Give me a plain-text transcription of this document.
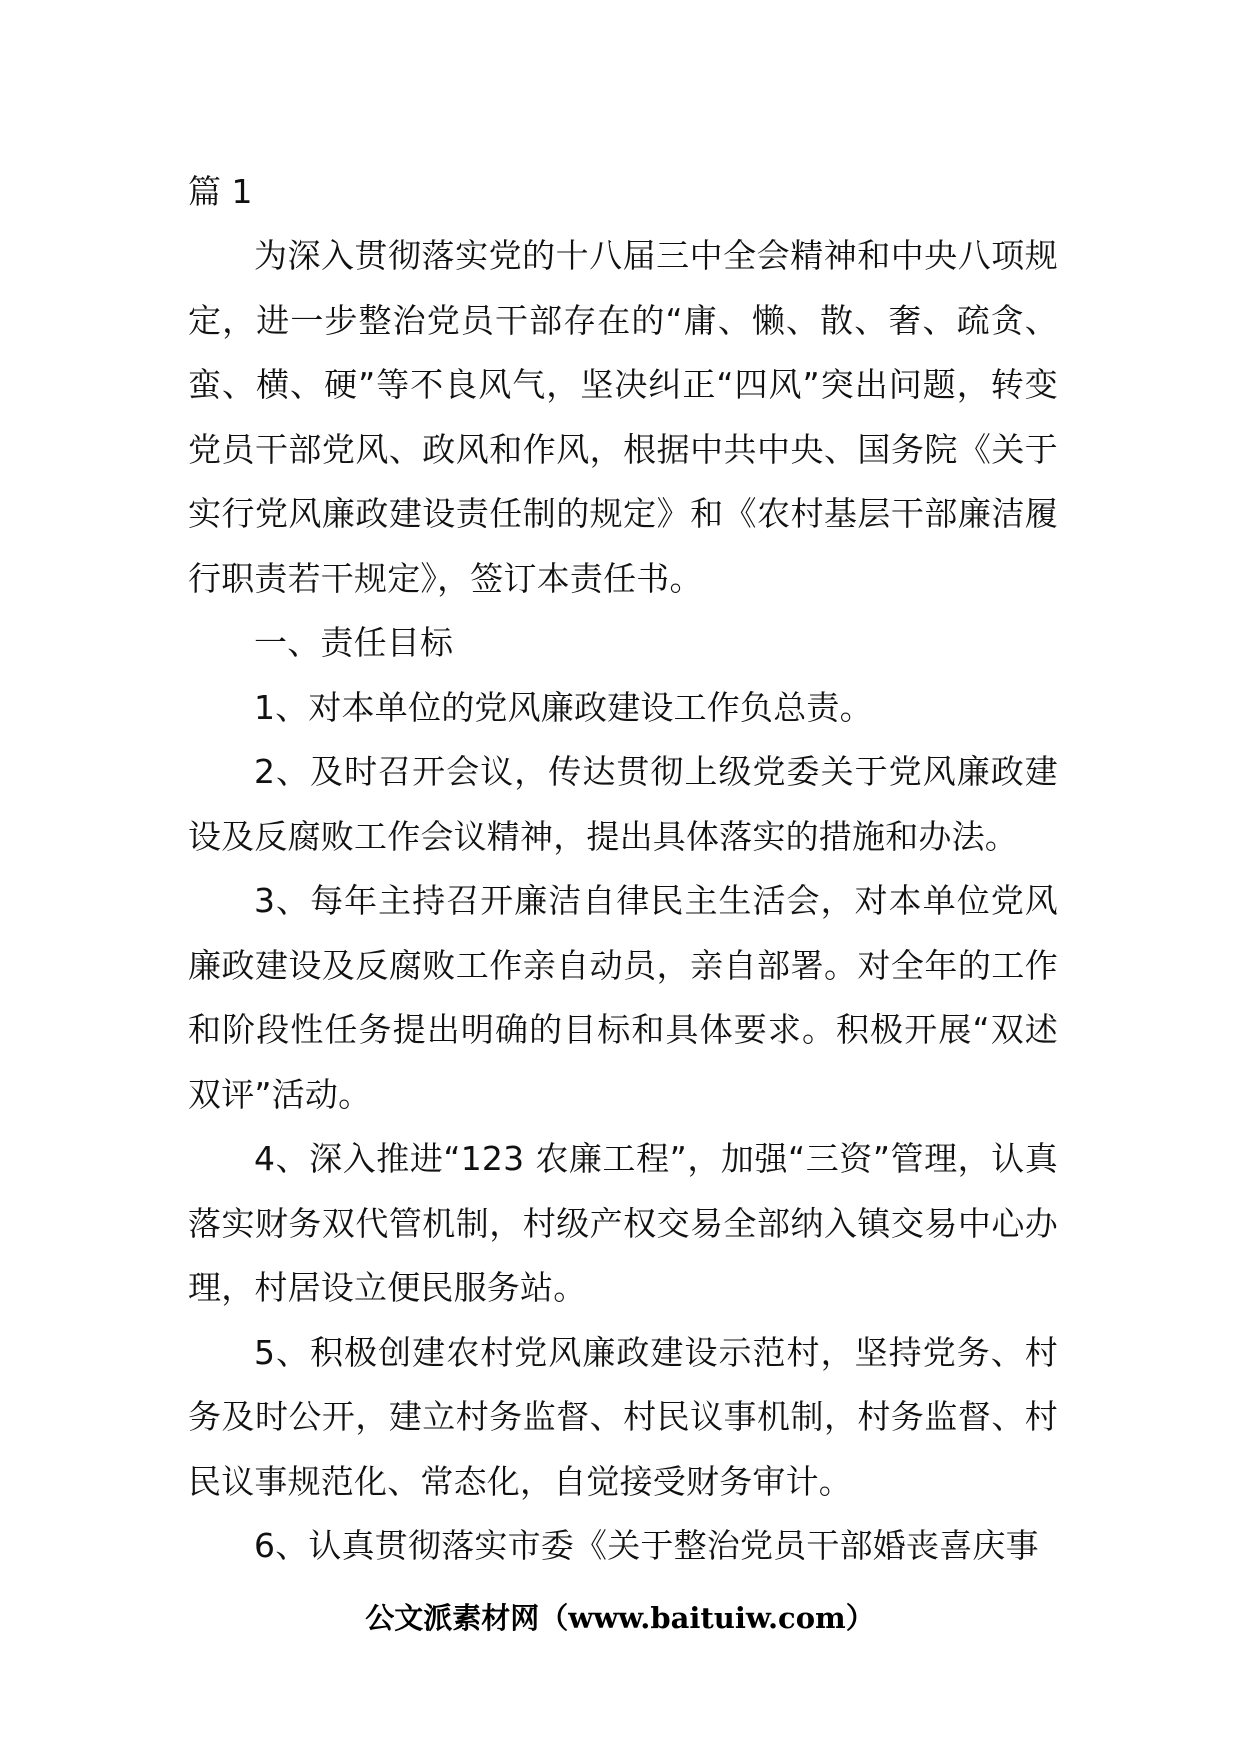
篇 1

为深入贯彻落实党的十八届三中全会精神和中央八项规定，进一步整治党员干部存在的“庸、懒、散、奢、疏贪、蛮、横、硬”等不良风气，坚决纠正“四风”突出问题，转变党员干部党风、政风和作风，根据中共中央、国务院《关于实行党风廉政建设责任制的规定》和《农村基层干部廉洁履行职责若干规定》，签订本责任书。

一、责任目标

1、对本单位的党风廉政建设工作负总责。

2、及时召开会议，传达贯彻上级党委关于党风廉政建设及反腐败工作会议精神，提出具体落实的措施和办法。

3、每年主持召开廉洁自律民主生活会，对本单位党风廉政建设及反腐败工作亲自动员，亲自部署。对全年的工作和阶段性任务提出明确的目标和具体要求。积极开展“双述双评”活动。

4、深入推进“123 农廉工程”，加强“三资”管理，认真落实财务双代管机制，村级产权交易全部纳入镇交易中心办理，村居设立便民服务站。

5、积极创建农村党风廉政建设示范村，坚持党务、村务及时公开，建立村务监督、村民议事机制，村务监督、村民议事规范化、常态化，自觉接受财务审计。

6、认真贯彻落实市委《关于整治党员干部婚丧喜庆事

公文派素材网（www.baituiw.com）
